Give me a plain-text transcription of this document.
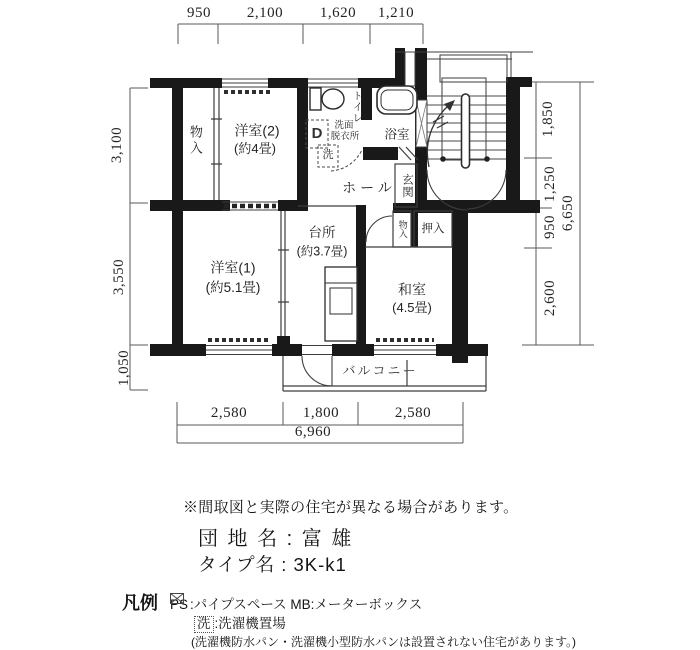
950 2,100 1,620 1,210
3,100
3,550
1,050
1,850
1,250
950
2,600
6,650
2,580	1,800	2,580
6,960
物入 洋室(2)
(約4畳)
トイレ
洗面
脱衣所
D
洗
浴室
ホール 玄関
物入 押入
台所
(約3.7畳)
洋室(1)
(約5.1畳)	和室
(4.5畳)
バルコニー
※間取図と実際の住宅が異なる場合があります。
団 地 名 : 富 雄
タイプ名 : 3K-k1
凡例 PS :パイプスペース MB:メーターボックス
洗 :洗濯機置場
(洗濯機防水パン・洗濯機小型防水パンは設置されない住宅があります。)
